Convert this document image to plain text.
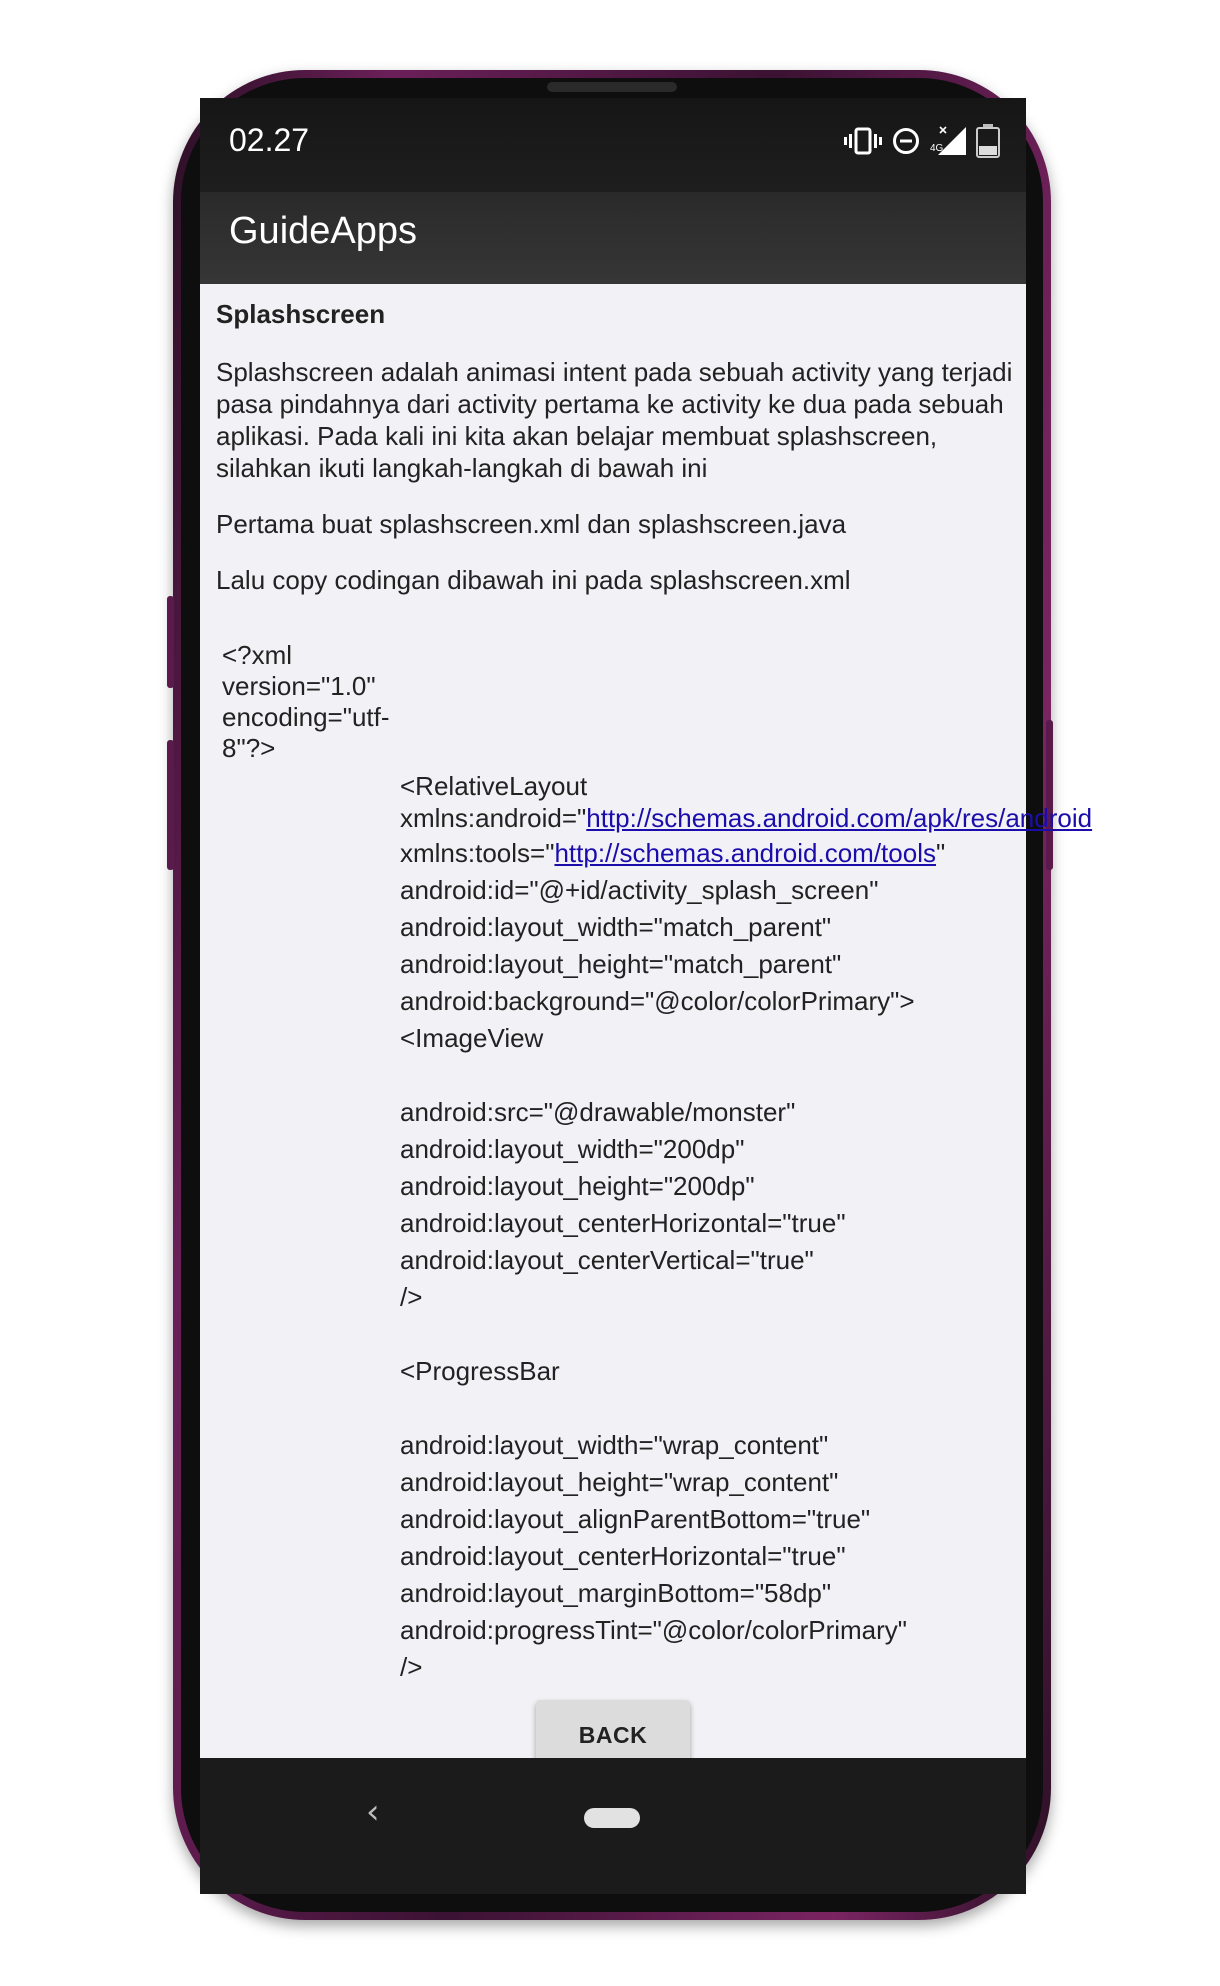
02.27	4G
GuideApps
Splashscreen
Splashscreen adalah animasi intent pada sebuah activity yang terjadi pasa pindahnya dari activity pertama ke activity ke dua pada sebuah aplikasi. Pada kali ini kita akan belajar membuat splashscreen, silahkan ikuti langkah-langkah di bawah ini
Pertama buat splashscreen.xml dan splashscreen.java
Lalu copy codingan dibawah ini pada splashscreen.xml
<?xml version="1.0" encoding="utf-8"?>
<RelativeLayout
xmlns:android="http://schemas.android.com/apk/res/android
xmlns:tools="http://schemas.android.com/tools"
android:id="@+id/activity_splash_screen"
android:layout_width="match_parent"
android:layout_height="match_parent"
android:background="@color/colorPrimary">
<ImageView
android:src="@drawable/monster"
android:layout_width="200dp"
android:layout_height="200dp"
android:layout_centerHorizontal="true"
android:layout_centerVertical="true"
/>
<ProgressBar
android:layout_width="wrap_content"
android:layout_height="wrap_content"
android:layout_alignParentBottom="true"
android:layout_centerHorizontal="true"
android:layout_marginBottom="58dp"
android:progressTint="@color/colorPrimary"
/>
BACK
‹
